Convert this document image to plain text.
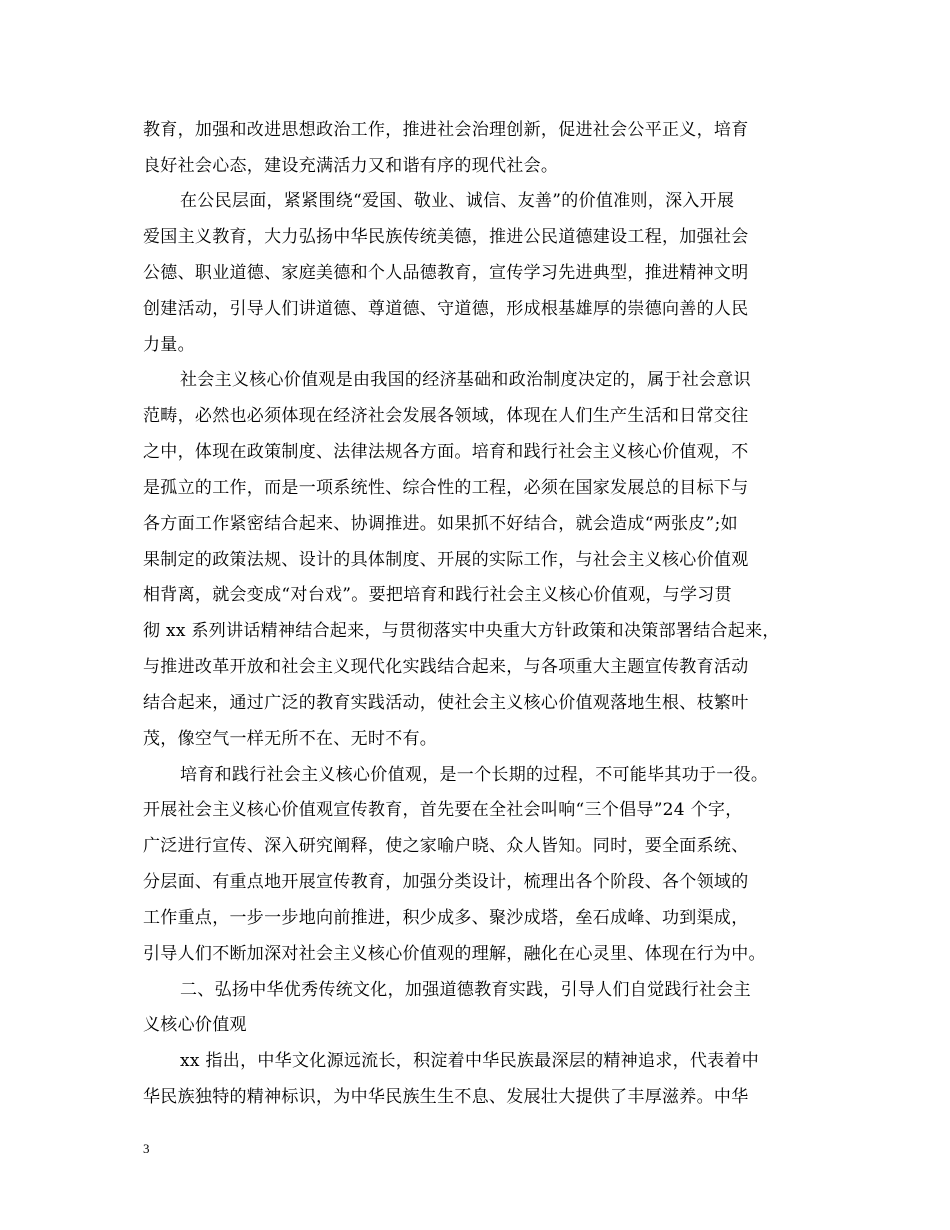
教育，加强和改进思想政治工作，推进社会治理创新，促进社会公平正义，培育
良好社会心态，建设充满活力又和谐有序的现代社会。
在公民层面，紧紧围绕“爱国、敬业、诚信、友善”的价值准则，深入开展
爱国主义教育，大力弘扬中华民族传统美德，推进公民道德建设工程，加强社会
公德、职业道德、家庭美德和个人品德教育，宣传学习先进典型，推进精神文明
创建活动，引导人们讲道德、尊道德、守道德，形成根基雄厚的崇德向善的人民
力量。
社会主义核心价值观是由我国的经济基础和政治制度决定的，属于社会意识
范畴，必然也必须体现在经济社会发展各领域，体现在人们生产生活和日常交往
之中，体现在政策制度、法律法规各方面。培育和践行社会主义核心价值观，不
是孤立的工作，而是一项系统性、综合性的工程，必须在国家发展总的目标下与
各方面工作紧密结合起来、协调推进。如果抓不好结合，就会造成“两张皮”;如
果制定的政策法规、设计的具体制度、开展的实际工作，与社会主义核心价值观
相背离，就会变成“对台戏”。要把培育和践行社会主义核心价值观，与学习贯
彻 xx 系列讲话精神结合起来，与贯彻落实中央重大方针政策和决策部署结合起来，
与推进改革开放和社会主义现代化实践结合起来，与各项重大主题宣传教育活动
结合起来，通过广泛的教育实践活动，使社会主义核心价值观落地生根、枝繁叶
茂，像空气一样无所不在、无时不有。
培育和践行社会主义核心价值观，是一个长期的过程，不可能毕其功于一役。
开展社会主义核心价值观宣传教育，首先要在全社会叫响“三个倡导”24 个字，
广泛进行宣传、深入研究阐释，使之家喻户晓、众人皆知。同时，要全面系统、
分层面、有重点地开展宣传教育，加强分类设计，梳理出各个阶段、各个领域的
工作重点，一步一步地向前推进，积少成多、聚沙成塔，垒石成峰、功到渠成，
引导人们不断加深对社会主义核心价值观的理解，融化在心灵里、体现在行为中。
二、弘扬中华优秀传统文化，加强道德教育实践，引导人们自觉践行社会主
义核心价值观
xx 指出，中华文化源远流长，积淀着中华民族最深层的精神追求，代表着中
华民族独特的精神标识，为中华民族生生不息、发展壮大提供了丰厚滋养。中华
3
